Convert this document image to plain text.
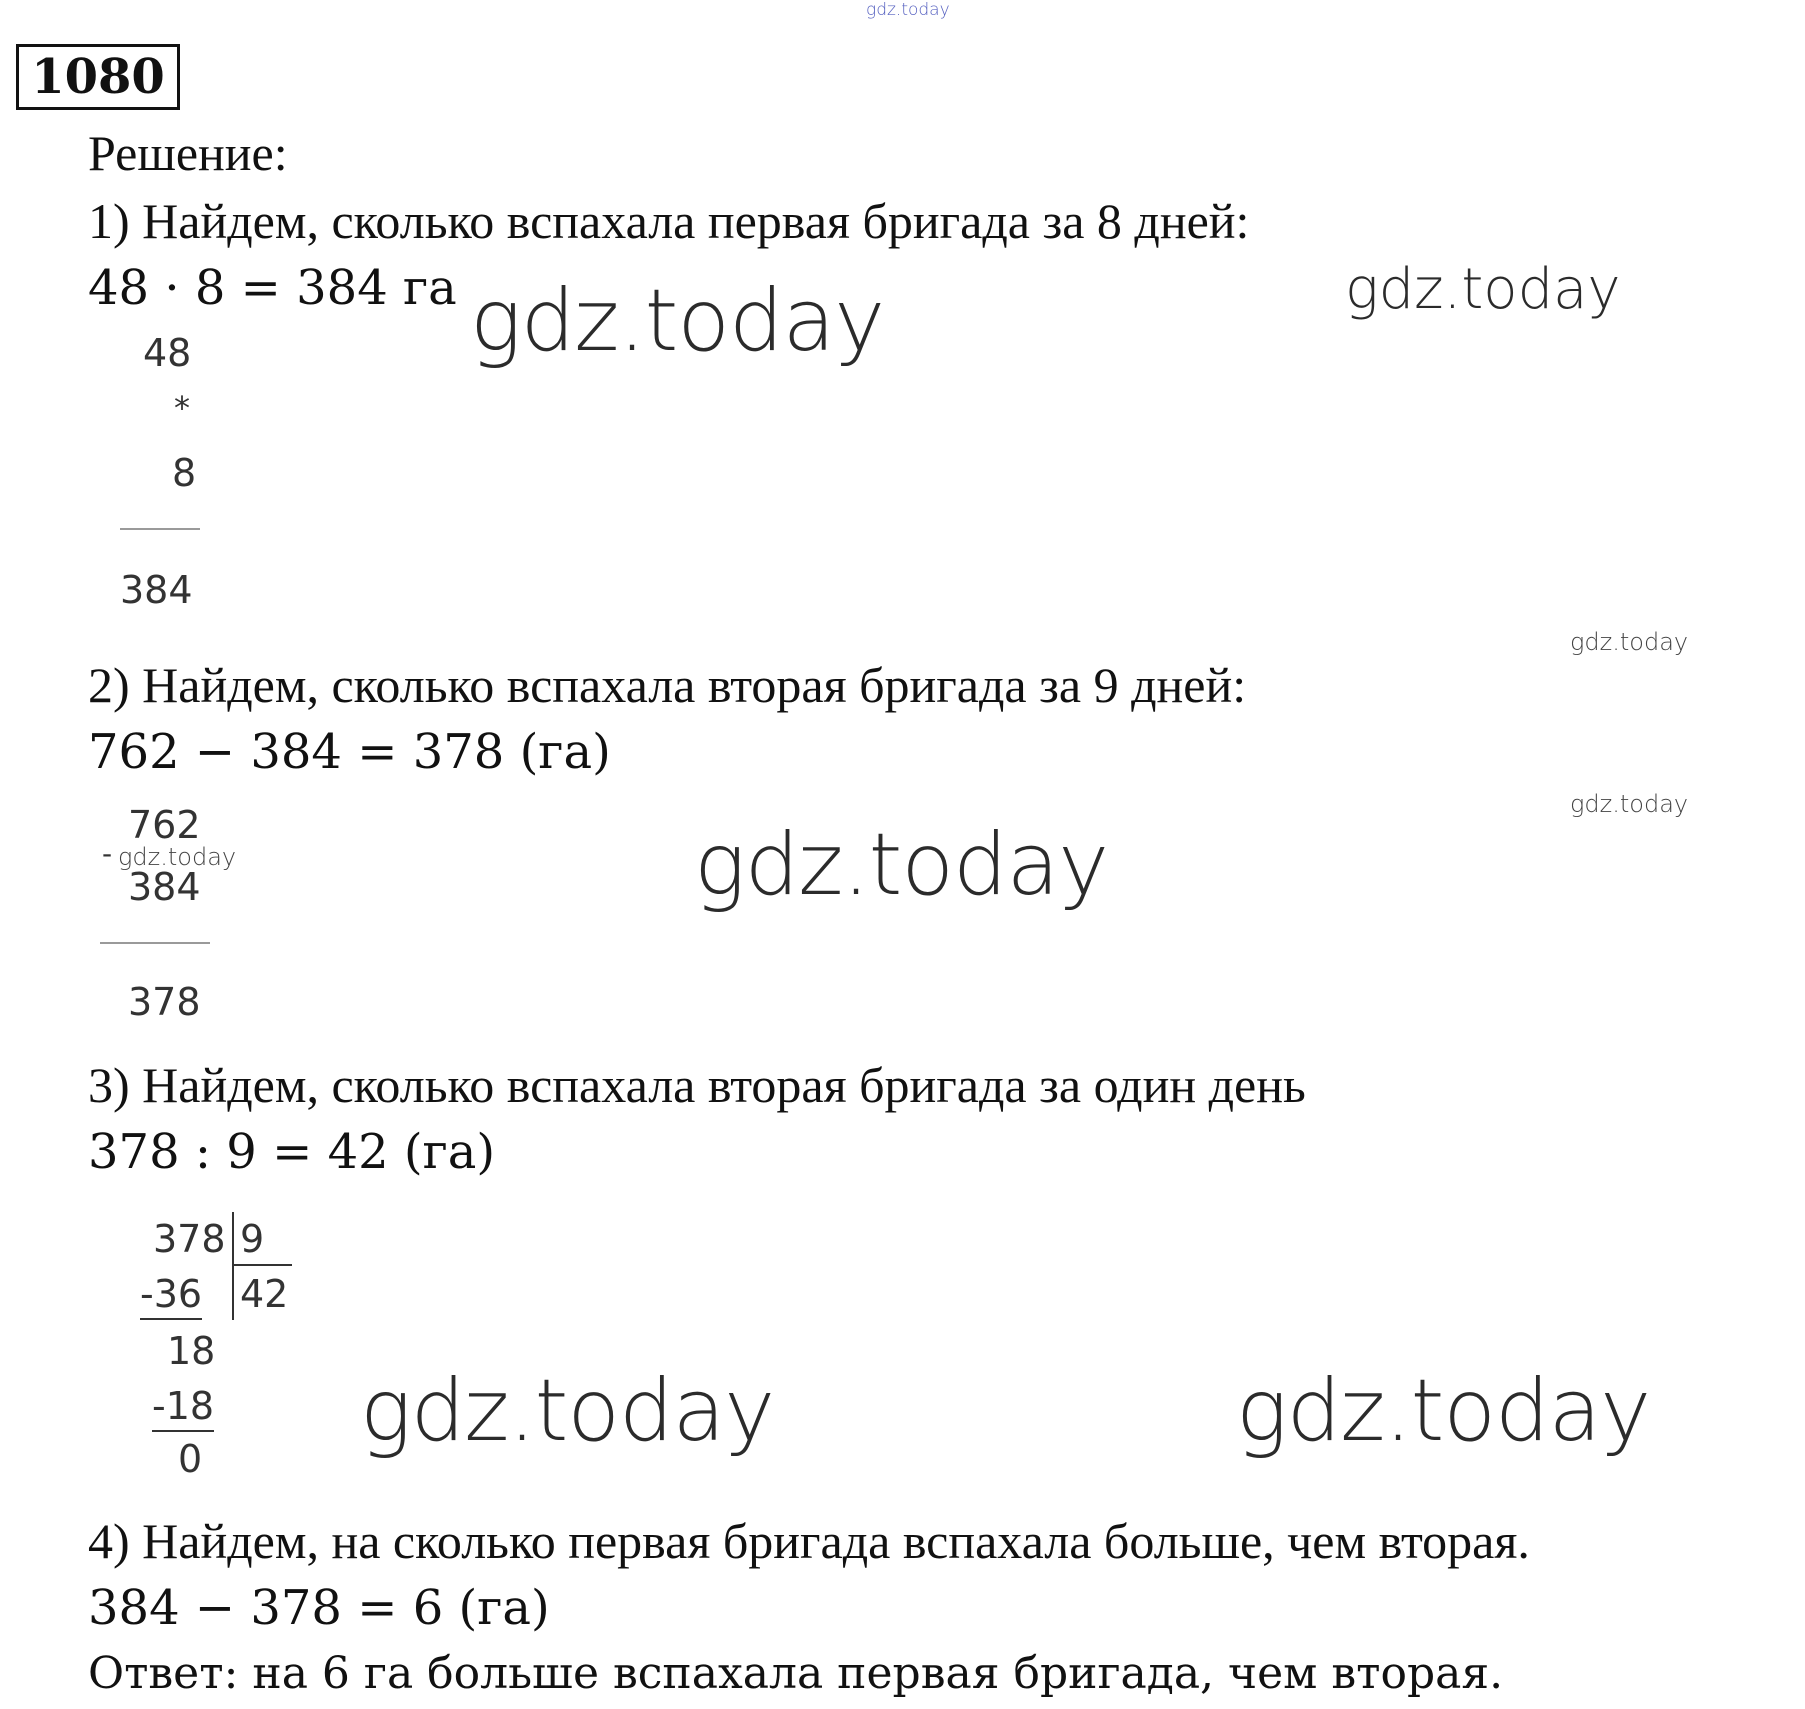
gdz.today
1080
Решение:
1) Найдем, сколько вспахала первая бригада за 8 дней:
48 · 8 = 384 га gdz.today	gdz.today
48
*
8
384
gdz.today
2) Найдем, сколько вспахала вторая бригада за 9 дней:
762 − 384 = 378 (га)
gdz.today
762
- gdz.today
384
378
gdz.today
3) Найдем, сколько вспахала вторая бригада за один день
378 : 9 = 42 (га)
378 9
42
-36
18
-18
0 gdz.today	gdz.today
4) Найдем, на сколько первая бригада вспахала больше, чем вторая.
384 − 378 = 6 (га)
Ответ: на 6 га больше вспахала первая бригада, чем вторая.
